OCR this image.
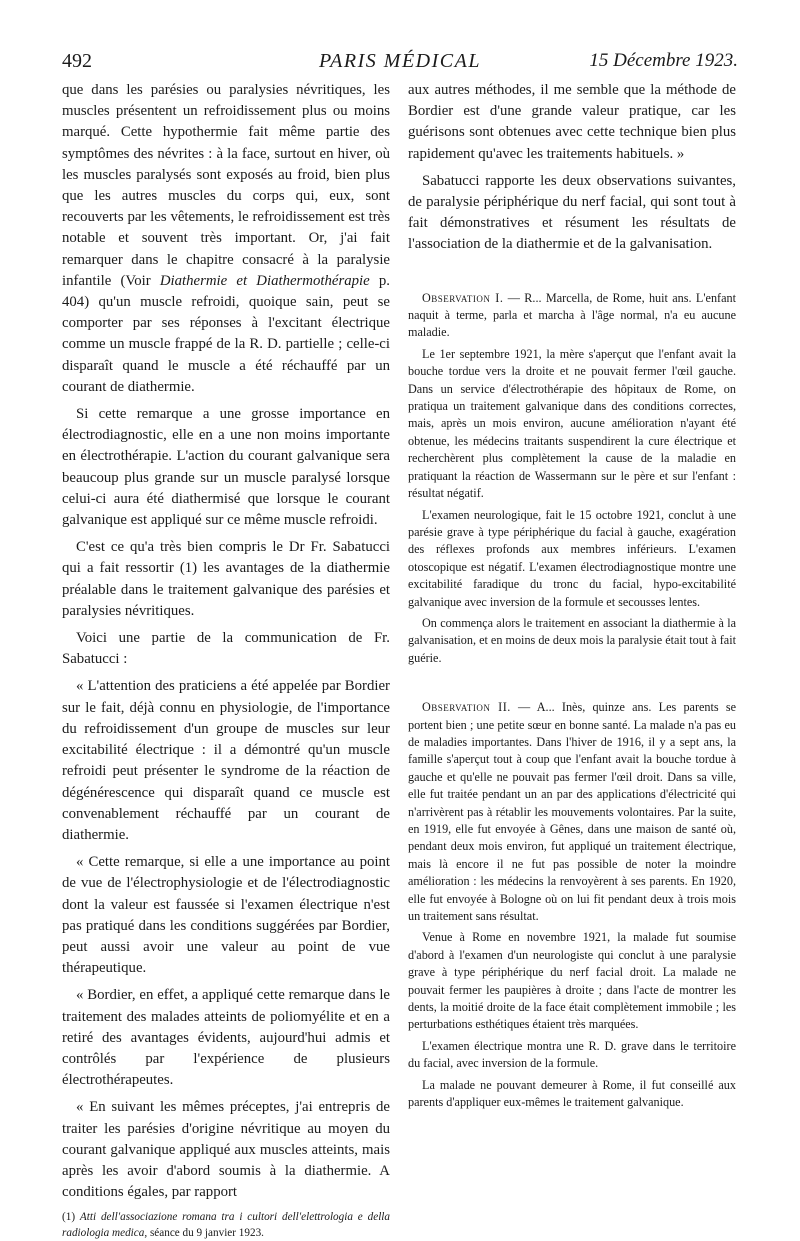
492	PARIS MÉDICAL	15 Décembre 1923.

que dans les parésies ou paralysies névritiques, les muscles présentent un refroidissement plus ou moins marqué. Cette hypothermie fait même partie des symptômes des névrites : à la face, surtout en hiver, où les muscles paralysés sont exposés au froid, bien plus que les autres muscles du corps qui, eux, sont recouverts par les vêtements, le refroidissement est très notable et souvent très important. Or, j'ai fait remarquer dans le chapitre consacré à la paralysie infantile (Voir Diathermie et Diathermothérapie p. 404) qu'un muscle refroidi, quoique sain, peut se comporter par ses réponses à l'excitant électrique comme un muscle frappé de la R. D. partielle ; celle-ci disparaît quand le muscle a été réchauffé par un courant de diathermie.

Si cette remarque a une grosse importance en électrodiagnostic, elle en a une non moins importante en électrothérapie. L'action du courant galvanique sera beaucoup plus grande sur un muscle paralysé lorsque celui-ci aura été diathermisé que lorsque le courant galvanique est appliqué sur ce même muscle refroidi.

C'est ce qu'a très bien compris le Dr Fr. Sabatucci qui a fait ressortir (1) les avantages de la diathermie préalable dans le traitement galvanique des parésies et paralysies névritiques.

Voici une partie de la communication de Fr. Sabatucci :

« L'attention des praticiens a été appelée par Bordier sur le fait, déjà connu en physiologie, de l'importance du refroidissement d'un groupe de muscles sur leur excitabilité électrique : il a démontré qu'un muscle refroidi peut présenter le syndrome de la réaction de dégénérescence qui disparaît quand ce muscle est convenablement réchauffé par un courant de diathermie.

« Cette remarque, si elle a une importance au point de vue de l'électrophysiologie et de l'électrodiagnostic dont la valeur est faussée si l'examen électrique n'est pas pratiqué dans les conditions suggérées par Bordier, peut aussi avoir une valeur au point de vue thérapeutique.

« Bordier, en effet, a appliqué cette remarque dans le traitement des malades atteints de poliomyélite et en a retiré des avantages évidents, aujourd'hui admis et contrôlés par l'expérience de plusieurs électrothérapeutes.

« En suivant les mêmes préceptes, j'ai entrepris de traiter les parésies d'origine névritique au moyen du courant galvanique appliqué aux muscles atteints, mais après les avoir d'abord soumis à la diathermie. A conditions égales, par rapport

(1) Atti dell'associazione romana tra i cultori dell'elettrologia e della radiologia medica, séance du 9 janvier 1923.

aux autres méthodes, il me semble que la méthode de Bordier est d'une grande valeur pratique, car les guérisons sont obtenues avec cette technique bien plus rapidement qu'avec les traitements habituels. »

Sabatucci rapporte les deux observations suivantes, de paralysie périphérique du nerf facial, qui sont tout à fait démonstratives et résument les résultats de l'association de la diathermie et de la galvanisation.

Observation I. — R... Marcella, de Rome, huit ans. L'enfant naquit à terme, parla et marcha à l'âge normal, n'a eu aucune maladie.

Le 1er septembre 1921, la mère s'aperçut que l'enfant avait la bouche tordue vers la droite et ne pouvait fermer l'œil gauche. Dans un service d'électrothérapie des hôpitaux de Rome, on pratiqua un traitement galvanique dans des conditions correctes, mais, après un mois environ, aucune amélioration n'ayant été obtenue, les médecins traitants suspendirent la cure électrique et recherchèrent plus complètement la cause de la maladie en pratiquant la réaction de Wassermann sur le père et sur l'enfant : résultat négatif.

L'examen neurologique, fait le 15 octobre 1921, conclut à une parésie grave à type périphérique du facial à gauche, exagération des réflexes profonds aux membres inférieurs. L'examen otoscopique est négatif. L'examen électrodiagnostique montre une excitabilité faradique du tronc du facial, hypo-excitabilité galvanique avec inversion de la formule et secousses lentes.

On commença alors le traitement en associant la diathermie à la galvanisation, et en moins de deux mois la paralysie était tout à fait guérie.

Observation II. — A... Inès, quinze ans. Les parents se portent bien ; une petite sœur en bonne santé. La malade n'a pas eu de maladies importantes. Dans l'hiver de 1916, il y a sept ans, la famille s'aperçut tout à coup que l'enfant avait la bouche tordue à gauche et qu'elle ne pouvait pas fermer l'œil droit. Dans sa ville, elle fut traitée pendant un an par des applications d'électricité qui n'arrivèrent pas à rétablir les mouvements volontaires. Par la suite, en 1919, elle fut envoyée à Gênes, dans une maison de santé où, pendant deux mois environ, fut appliqué un traitement électrique, mais là encore il ne fut pas possible de noter la moindre amélioration : les médecins la renvoyèrent à ses parents. En 1920, elle fut envoyée à Bologne où on lui fit pendant deux à trois mois un traitement sans résultat.

Venue à Rome en novembre 1921, la malade fut soumise d'abord à l'examen d'un neurologiste qui conclut à une paralysie grave à type périphérique du nerf facial droit. La malade ne pouvait fermer les paupières à droite ; dans l'acte de montrer les dents, la moitié droite de la face était complètement immobile ; les perturbations esthétiques étaient très marquées.

L'examen électrique montra une R. D. grave dans le territoire du facial, avec inversion de la formule.

La malade ne pouvant demeurer à Rome, il fut conseillé aux parents d'appliquer eux-mêmes le traitement galvanique.
